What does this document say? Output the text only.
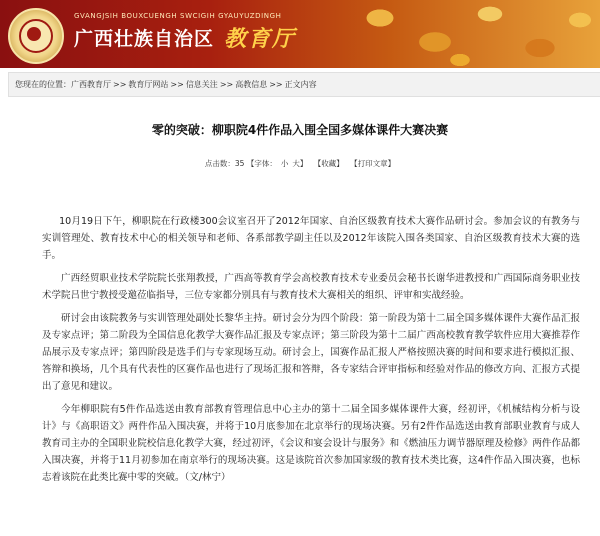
GVANGJSIH BOUXCUENGH SWCIGIH GYAUYUZDINGH
广西壮族自治区 教育厅
您现在的位置：广西教育厅 >> 教育厅网站 >> 信息关注 >> 高教信息 >> 正文内容
零的突破：柳职院4件作品入围全国多媒体课件大赛决赛
点击数：35 【字体： 小 大】 【收藏】 【打印文章】

10月19日下午，柳职院在行政楼300会议室召开了2012年国家、自治区级教育技术大赛作品研讨会。参加会议的有教务与实训管理处、教育技术中心的相关领导和老师、各系部教学副主任以及2012年该院入围各类国家、自治区级教育技术大赛的选手。

广西经贸职业技术学院院长张翔教授，广西高等教育学会高校教育技术专业委员会秘书长谢华进教授和广西国际商务职业技术学院吕世宁教授受邀莅临指导，三位专家都分别具有与教育技术大赛相关的组织、评审和实战经验。

研讨会由该院教务与实训管理处副处长黎华主持。研讨会分为四个阶段：第一阶段为第十二届全国多媒体课件大赛作品汇报及专家点评；第二阶段为全国信息化教学大赛作品汇报及专家点评；第三阶段为第十二届广西高校教育教学软件应用大赛推荐作品展示及专家点评；第四阶段是选手们与专家现场互动。研讨会上，国赛作品汇报人严格按照决赛的时间和要求进行模拟汇报、答辩和换场，几个具有代表性的区赛作品也进行了现场汇报和答辩，各专家结合评审指标和经验对作品的修改方向、汇报方式提出了意见和建议。

今年柳职院有5件作品选送由教育部教育管理信息中心主办的第十二届全国多媒体课件大赛，经初评，《机械结构分析与设计》与《高职语文》两件作品入围决赛，并将于10月底参加在北京举行的现场决赛。另有2件作品选送由教育部职业教育与成人教育司主办的全国职业院校信息化教学大赛，经过初评，《会议和宴会设计与服务》和《燃油压力调节器原理及检修》两件作品都入围决赛，并将于11月初参加在南京举行的现场决赛。这是该院首次参加国家级的教育技术类比赛，这4件作品入围决赛，也标志着该院在此类比赛中零的突破。（文/林宁）
